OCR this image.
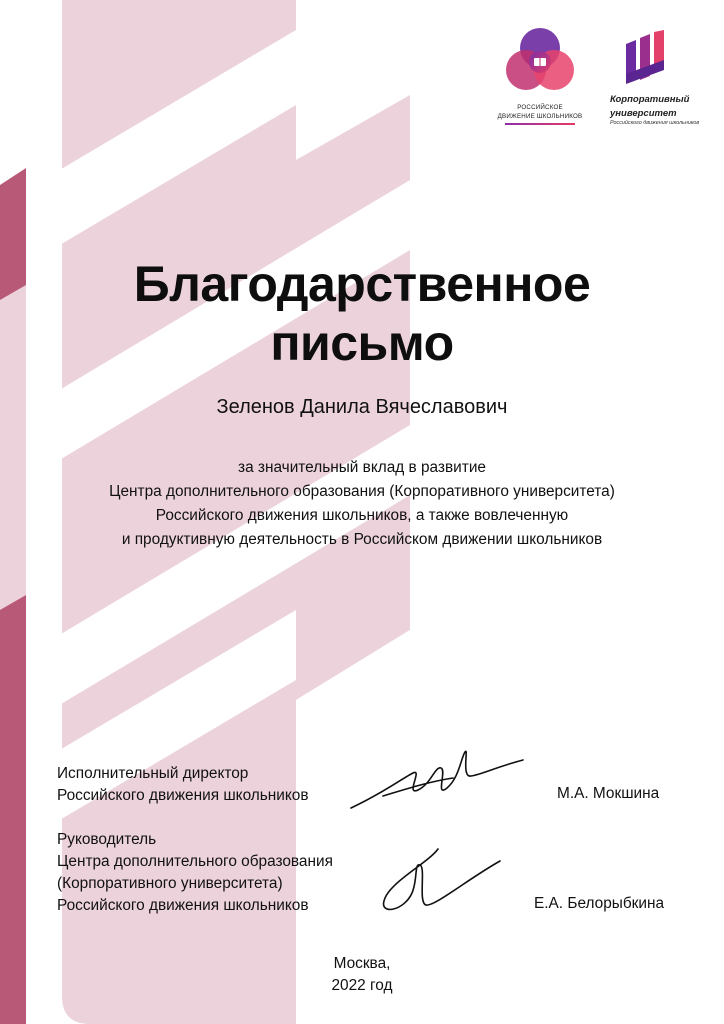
РОССИЙСКОЕ
ДВИЖЕНИЕ ШКОЛЬНИКОВ
Корпоративный
университет
Российского движения школьников
Благодарственное
письмо
Зеленов Данила Вячеславович
за значительный вклад в развитие
Центра дополнительного образования (Корпоративного университета)
Российского движения школьников, а также вовлеченную
и продуктивную деятельность в Российском движении школьников
Исполнительный директор
Российского движения школьников	М.А. Мокшина
Руководитель
Центра дополнительного образования
(Корпоративного университета)
Российского движения школьников	Е.А. Белорыбкина
Москва,
2022 год
